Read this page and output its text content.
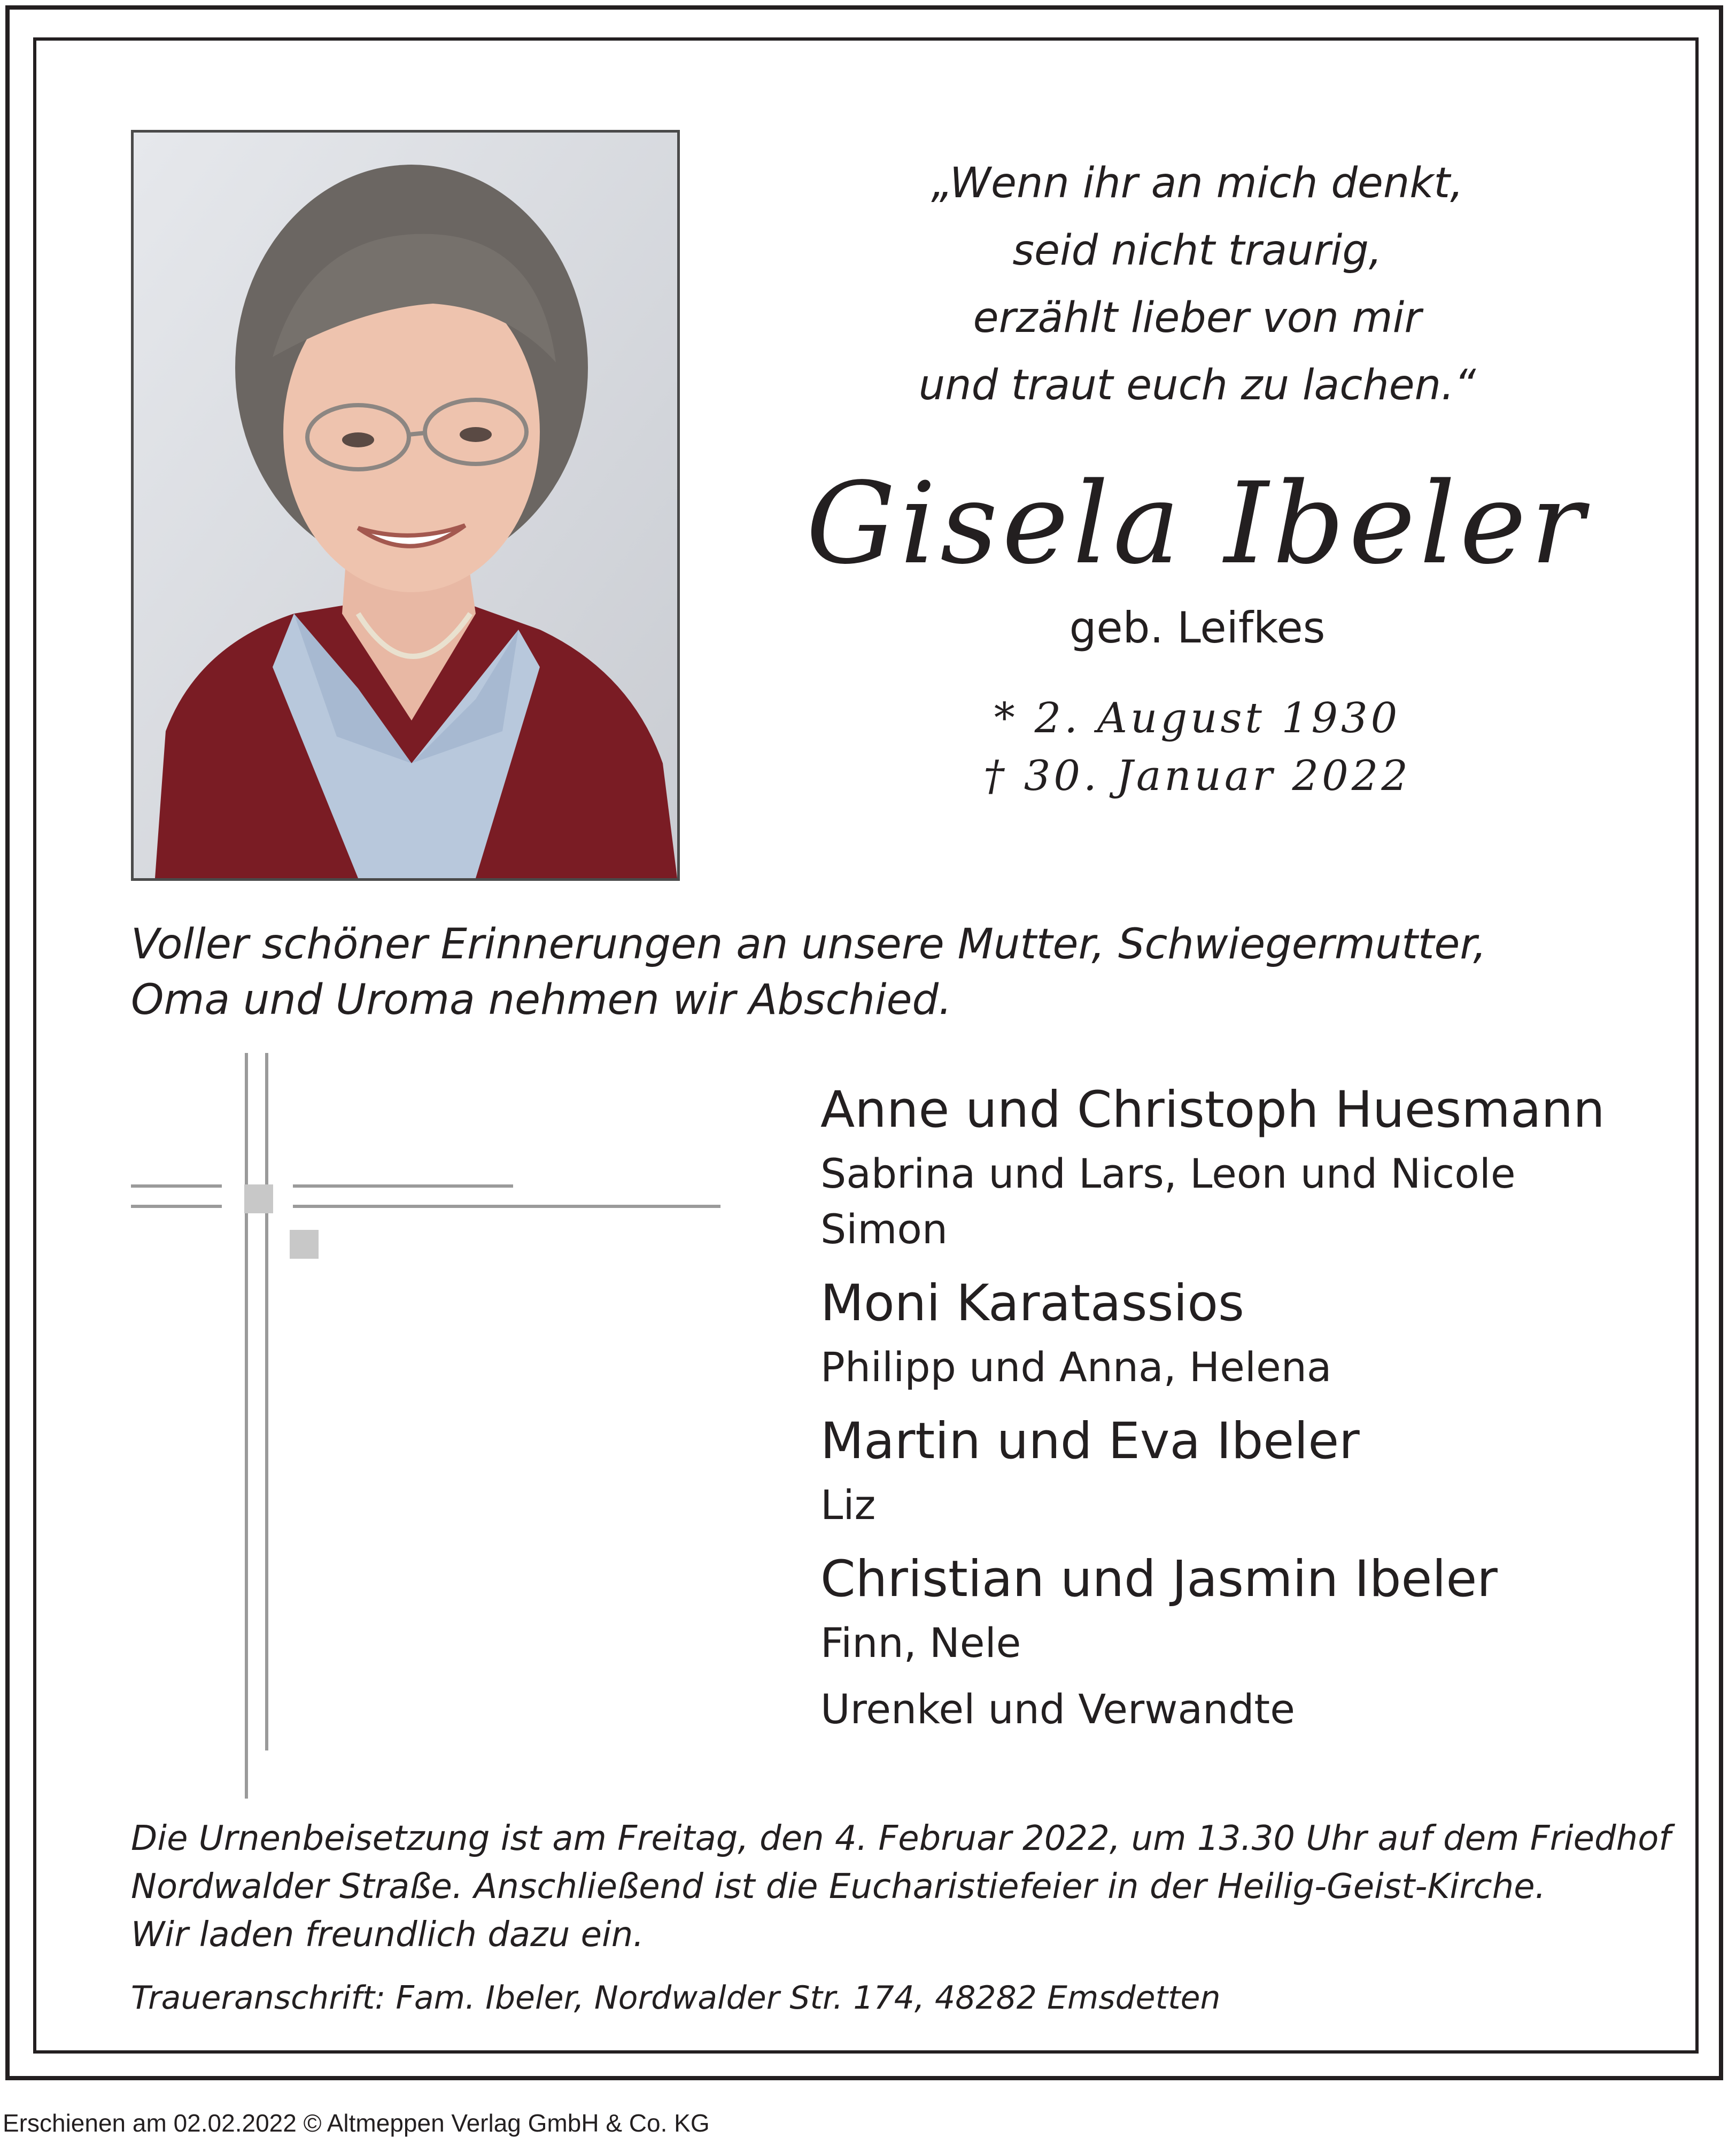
„Wenn ihr an mich denkt,
seid nicht traurig,
erzählt lieber von mir
und traut euch zu lachen.“
Gisela Ibeler
geb. Leifkes
* 2. August 1930
† 30. Januar 2022
Voller schöner Erinnerungen an unsere Mutter, Schwiegermutter,
Oma und Uroma nehmen wir Abschied.
Anne und Christoph Huesmann
Sabrina und Lars, Leon und Nicole
Simon
Moni Karatassios
Philipp und Anna, Helena
Martin und Eva Ibeler
Liz
Christian und Jasmin Ibeler
Finn, Nele
Urenkel und Verwandte
Die Urnenbeisetzung ist am Freitag, den 4. Februar 2022, um 13.30 Uhr auf dem Friedhof
Nordwalder Straße. Anschließend ist die Eucharistiefeier in der Heilig-Geist-Kirche.
Wir laden freundlich dazu ein.
Traueranschrift: Fam. Ibeler, Nordwalder Str. 174, 48282 Emsdetten
Erschienen am 02.02.2022 © Altmeppen Verlag GmbH & Co. KG
